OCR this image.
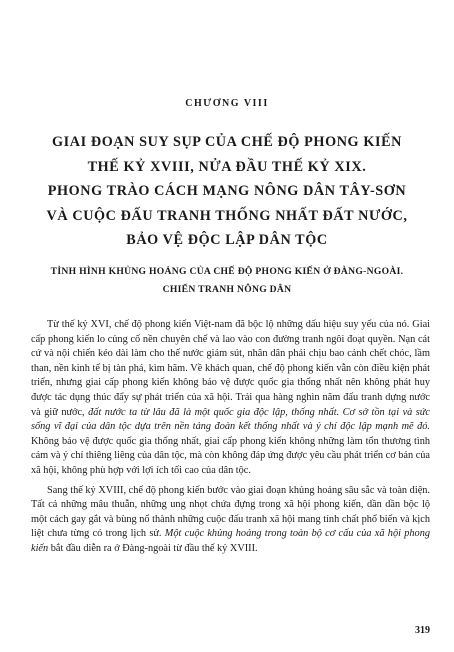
CHƯƠNG VIII
GIAI ĐOẠN SUY SỤP CỦA CHẾ ĐỘ PHONG KIẾN
THẾ KỶ XVIII, NỬA ĐẦU THẾ KỶ XIX.
PHONG TRÀO CÁCH MẠNG NÔNG DÂN TÂY-SƠN
VÀ CUỘC ĐẤU TRANH THỐNG NHẤT ĐẤT NƯỚC,
BẢO VỆ ĐỘC LẬP DÂN TỘC
TÌNH HÌNH KHỦNG HOẢNG CỦA CHẾ ĐỘ PHONG KIẾN Ở ĐÀNG-NGOÀI.
CHIẾN TRANH NÔNG DÂN

Từ thế kỷ XVI, chế độ phong kiến Việt-nam đã bộc lộ những dấu hiệu suy yếu của nó. Giai cấp phong kiến lo củng cố nền chuyên chế và lao vào con đường tranh ngôi đoạt quyền. Nạn cát cứ và nội chiến kéo dài làm cho thế nước giảm sút, nhân dân phải chịu bao cảnh chết chóc, lầm than, nền kinh tế bị tàn phá, kìm hãm. Về khách quan, chế độ phong kiến vẫn còn điều kiện phát triển, nhưng giai cấp phong kiến không bảo vệ được quốc gia thống nhất nên không phát huy được tác dụng thúc đẩy sự phát triển của xã hội. Trải qua hàng nghìn năm đấu tranh dựng nước và giữ nước, đất nước ta từ lâu đã là một quốc gia độc lập, thống nhất. Cơ sở tồn tại và sức sống vĩ đại của dân tộc dựa trên nền tảng đoàn kết thống nhất và ý chí độc lập mạnh mẽ đó. Không bảo vệ được quốc gia thống nhất, giai cấp phong kiến không những làm tổn thương tình cảm và ý chí thiêng liêng của dân tộc, mà còn không đáp ứng được yêu cầu phát triển cơ bản của xã hội, không phù hợp với lợi ích tối cao của dân tộc.

Sang thế kỷ XVIII, chế độ phong kiến bước vào giai đoạn khủng hoảng sâu sắc và toàn diện. Tất cả những mâu thuẫn, những ung nhọt chứa đựng trong xã hội phong kiến, dần dần bộc lộ một cách gay gắt và bùng nổ thành những cuộc đấu tranh xã hội mang tính chất phổ biến và kịch liệt chưa từng có trong lịch sử. Một cuộc khủng hoảng trong toàn bộ cơ cấu của xã hội phong kiến bắt đầu diễn ra ở Đàng-ngoài từ đầu thế kỷ XVIII.

319
